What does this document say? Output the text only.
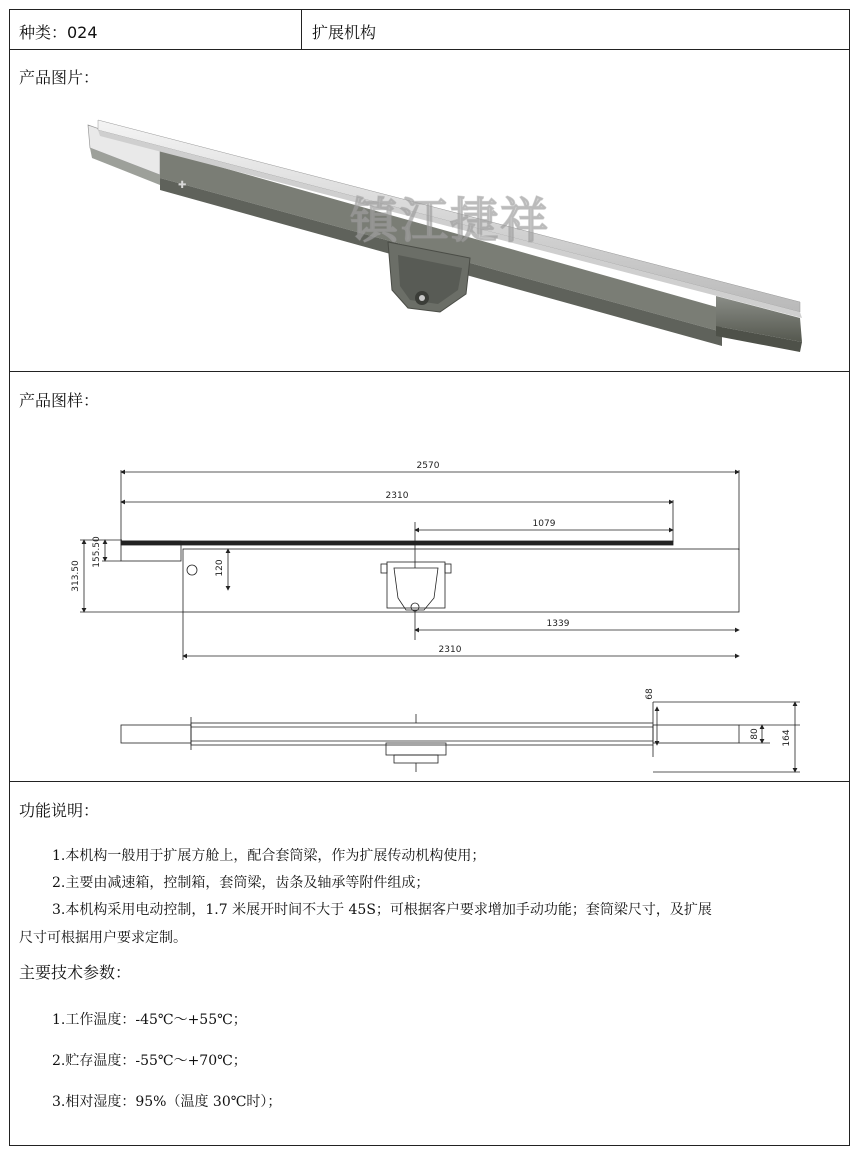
种类：024	扩展机构
产品图片：
✚
镇江捷祥
产品图样：
2570
2310
1079
1339
2310
313.50
155.50
120
68
80 164

功能说明：

1.本机构一般用于扩展方舱上，配合套筒梁，作为扩展传动机构使用；

2.主要由减速箱，控制箱，套筒梁，齿条及轴承等附件组成；

3.本机构采用电动控制，1.7 米展开时间不大于 45S；可根据客户要求增加手动功能；套筒梁尺寸，及扩展

尺寸可根据用户要求定制。

主要技术参数：

1.工作温度：-45℃～+55℃；

2.贮存温度：-55℃～+70℃；

3.相对湿度：95%（温度 30℃时）；
